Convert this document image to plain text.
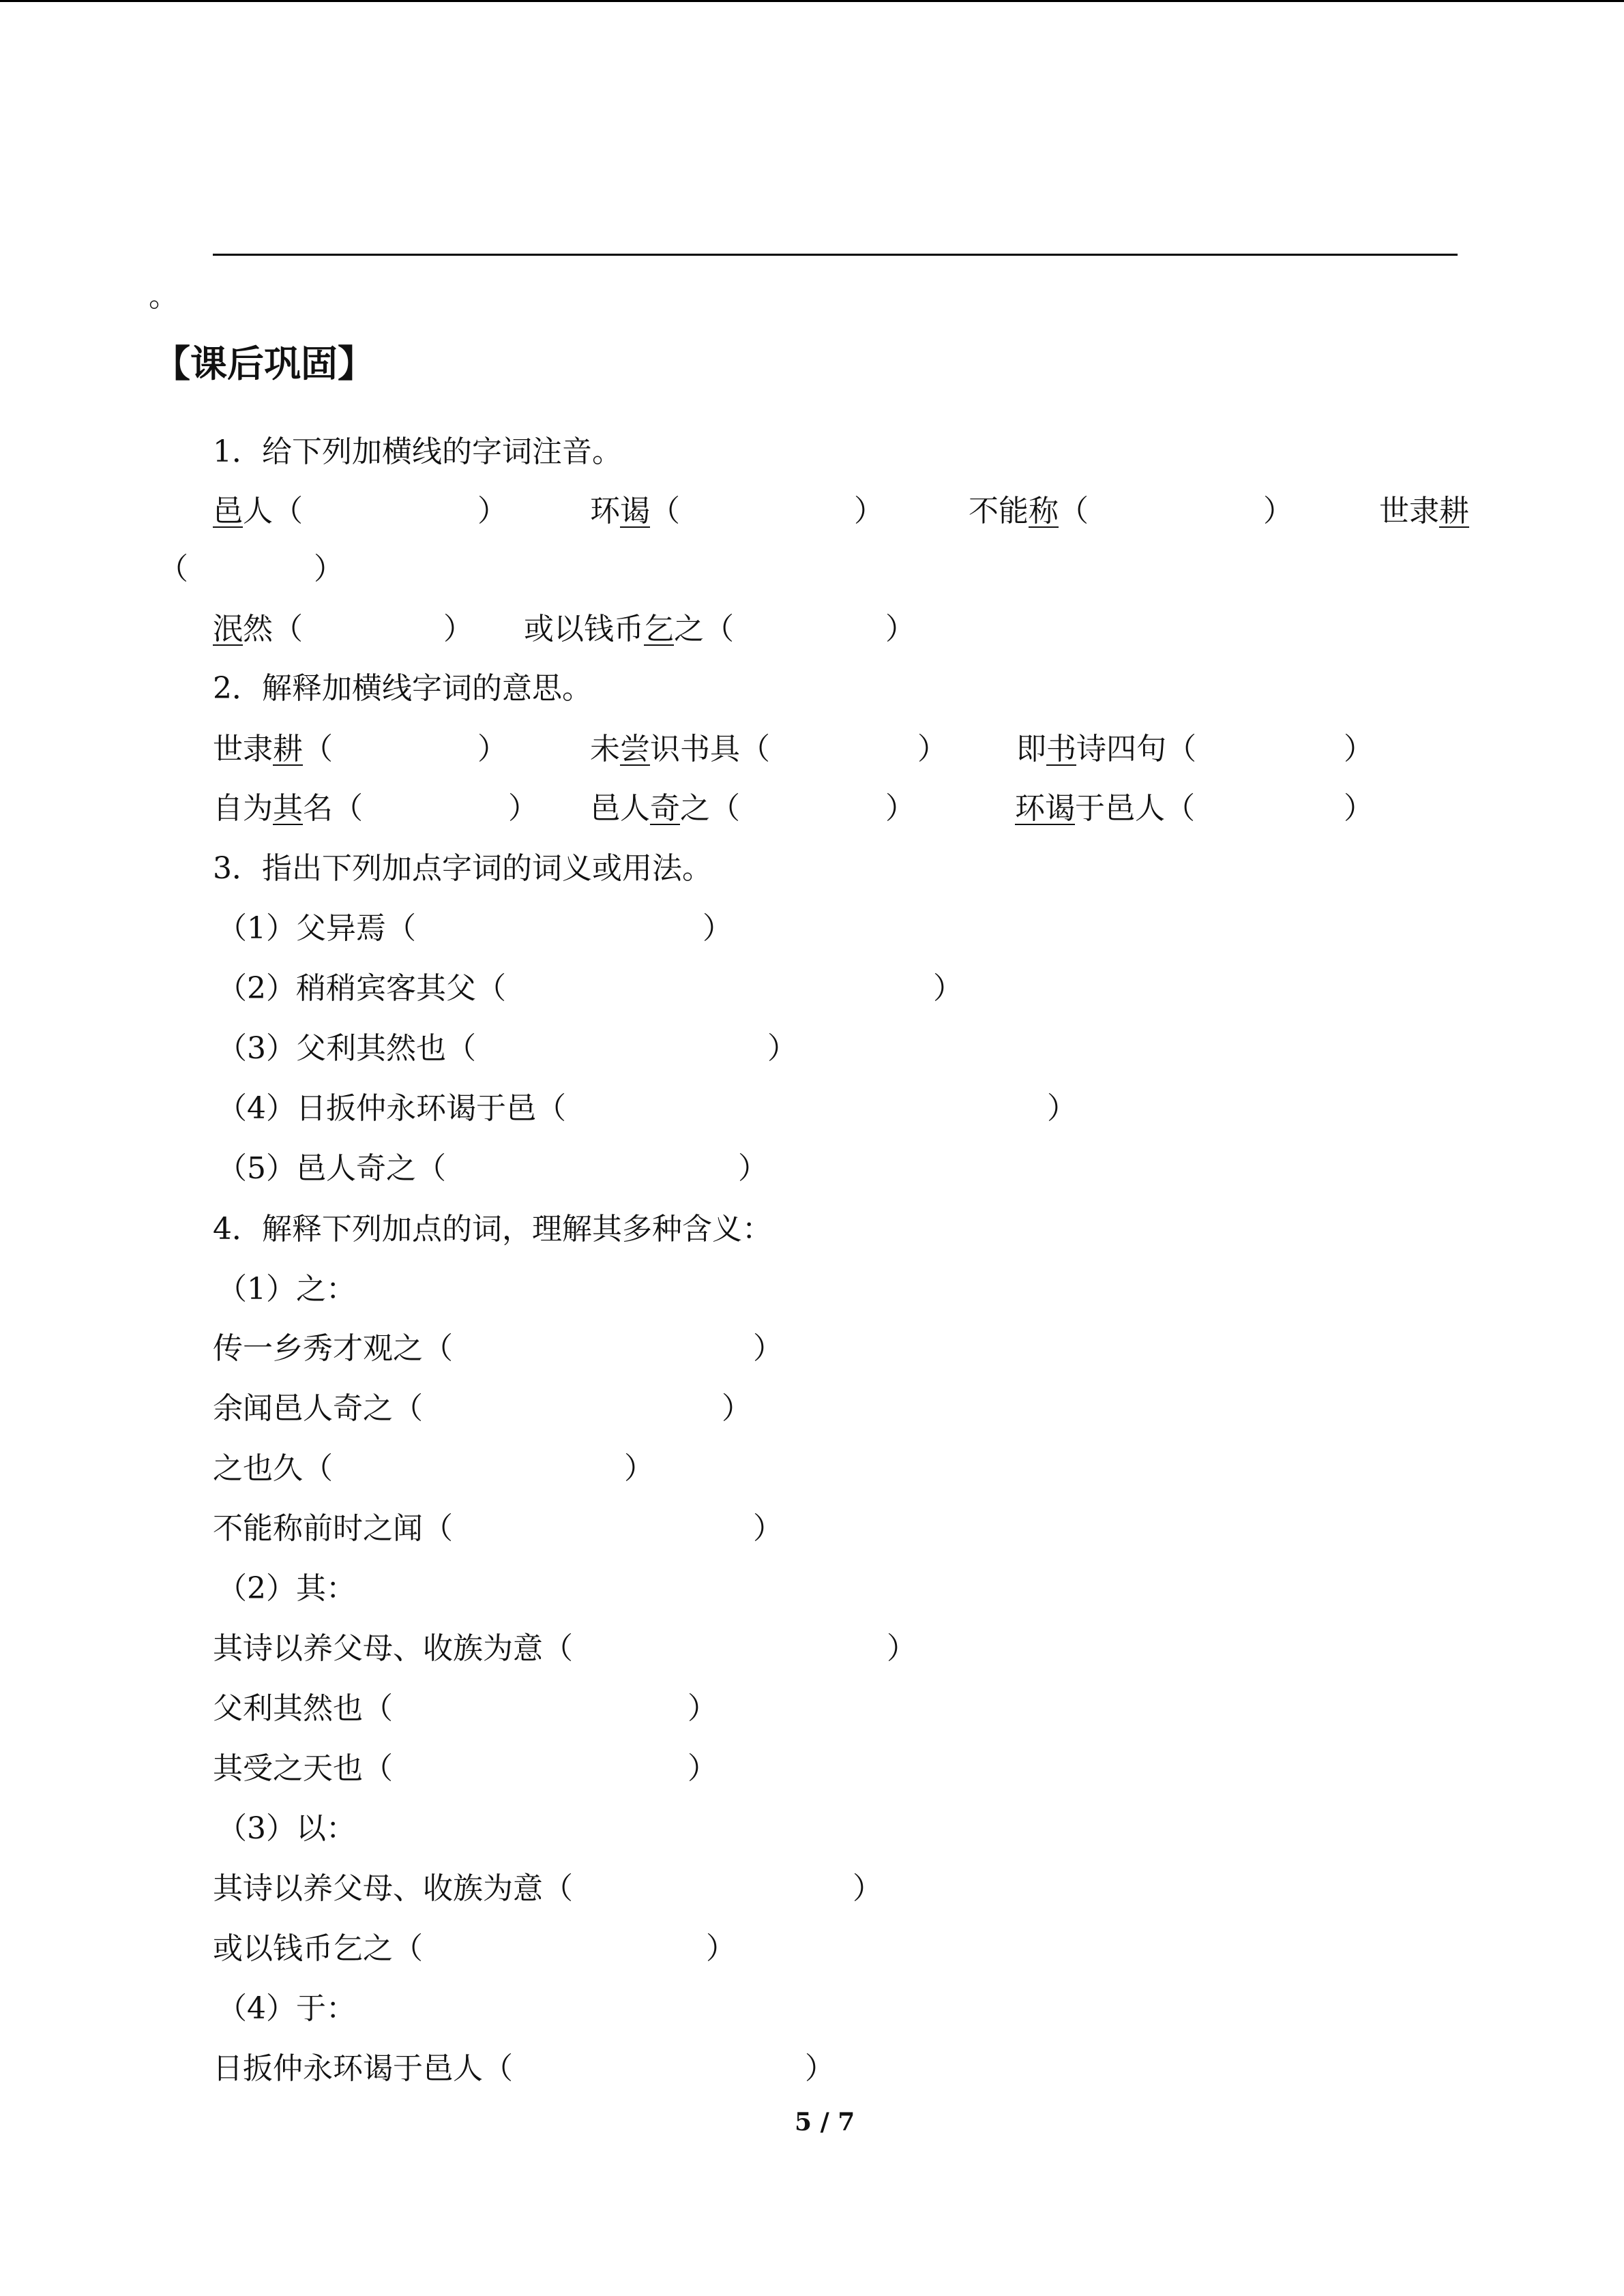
。
【课后巩固】
1．给下列加横线的字词注音。
邑人（	）	环谒（	）	不能称（	）	世隶耕
（	）
泯然（	） 或以钱币乞之（	）
2．解释加横线字词的意思。
世隶耕（	）	未尝识书具（	） 即书诗四句（	）
自为其名（	） 邑人奇之（	）	环谒于邑人（	）
3．指出下列加点字词的词义或用法。
（1）父异焉（	）
（2）稍稍宾客其父（	）
（3）父利其然也（	）
（4）日扳仲永环谒于邑（	）
（5）邑人奇之（	）
4．解释下列加点的词，理解其多种含义：
（1）之：
传一乡秀才观之（	）
余闻邑人奇之（	）
之也久（	）
不能称前时之闻（	）
（2）其：
其诗以养父母、收族为意（	）
父利其然也（	）
其受之天也（	）
（3）以：
其诗以养父母、收族为意（	）
或以钱币乞之（	）
（4）于：
日扳仲永环谒于邑人（	）
5 / 7
